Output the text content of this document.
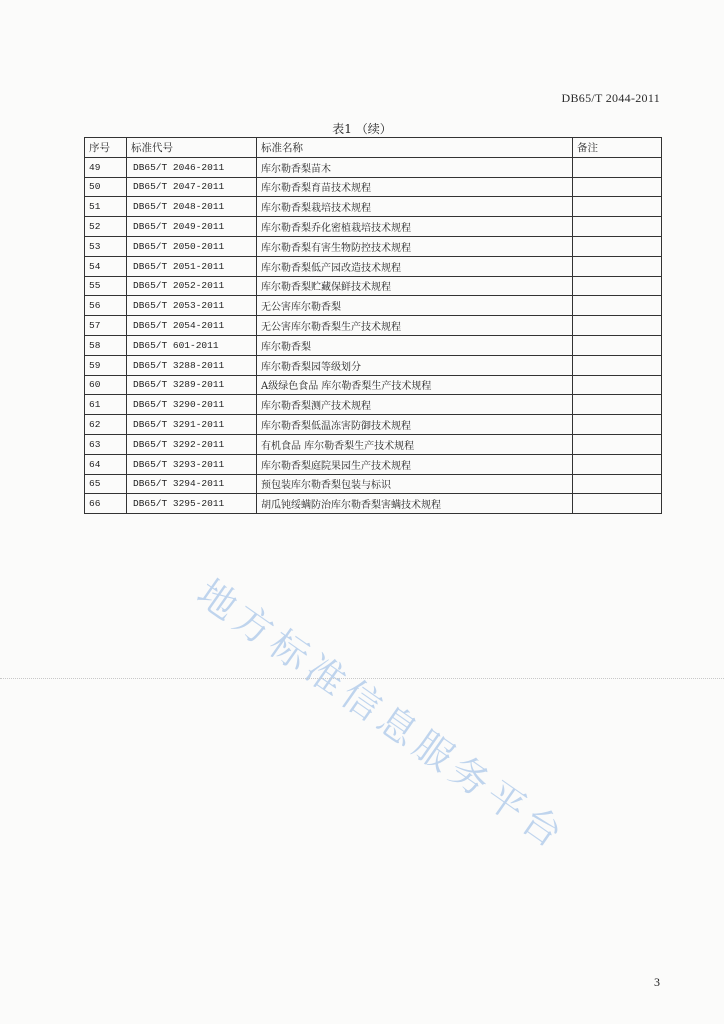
DB65/T 2044-2011
表1 （续）
序号	标准代号	标准名称	备注
49	DB65/T 2046-2011	库尔勒香梨苗木	
50	DB65/T 2047-2011	库尔勒香梨育苗技术规程	
51	DB65/T 2048-2011	库尔勒香梨栽培技术规程	
52	DB65/T 2049-2011	库尔勒香梨乔化密植栽培技术规程	
53	DB65/T 2050-2011	库尔勒香梨有害生物防控技术规程	
54	DB65/T 2051-2011	库尔勒香梨低产园改造技术规程	
55	DB65/T 2052-2011	库尔勒香梨贮藏保鲜技术规程	
56	DB65/T 2053-2011	无公害库尔勒香梨	
57	DB65/T 2054-2011	无公害库尔勒香梨生产技术规程	
58	DB65/T 601-2011	库尔勒香梨	
59	DB65/T 3288-2011	库尔勒香梨园等级划分	
60	DB65/T 3289-2011	A级绿色食品 库尔勒香梨生产技术规程	
61	DB65/T 3290-2011	库尔勒香梨测产技术规程	
62	DB65/T 3291-2011	库尔勒香梨低温冻害防御技术规程	
63	DB65/T 3292-2011	有机食品 库尔勒香梨生产技术规程	
64	DB65/T 3293-2011	库尔勒香梨庭院果园生产技术规程	
65	DB65/T 3294-2011	预包装库尔勒香梨包装与标识	
66	DB65/T 3295-2011	胡瓜钝绥螨防治库尔勒香梨害螨技术规程	
地方标准信息服务平台
3
